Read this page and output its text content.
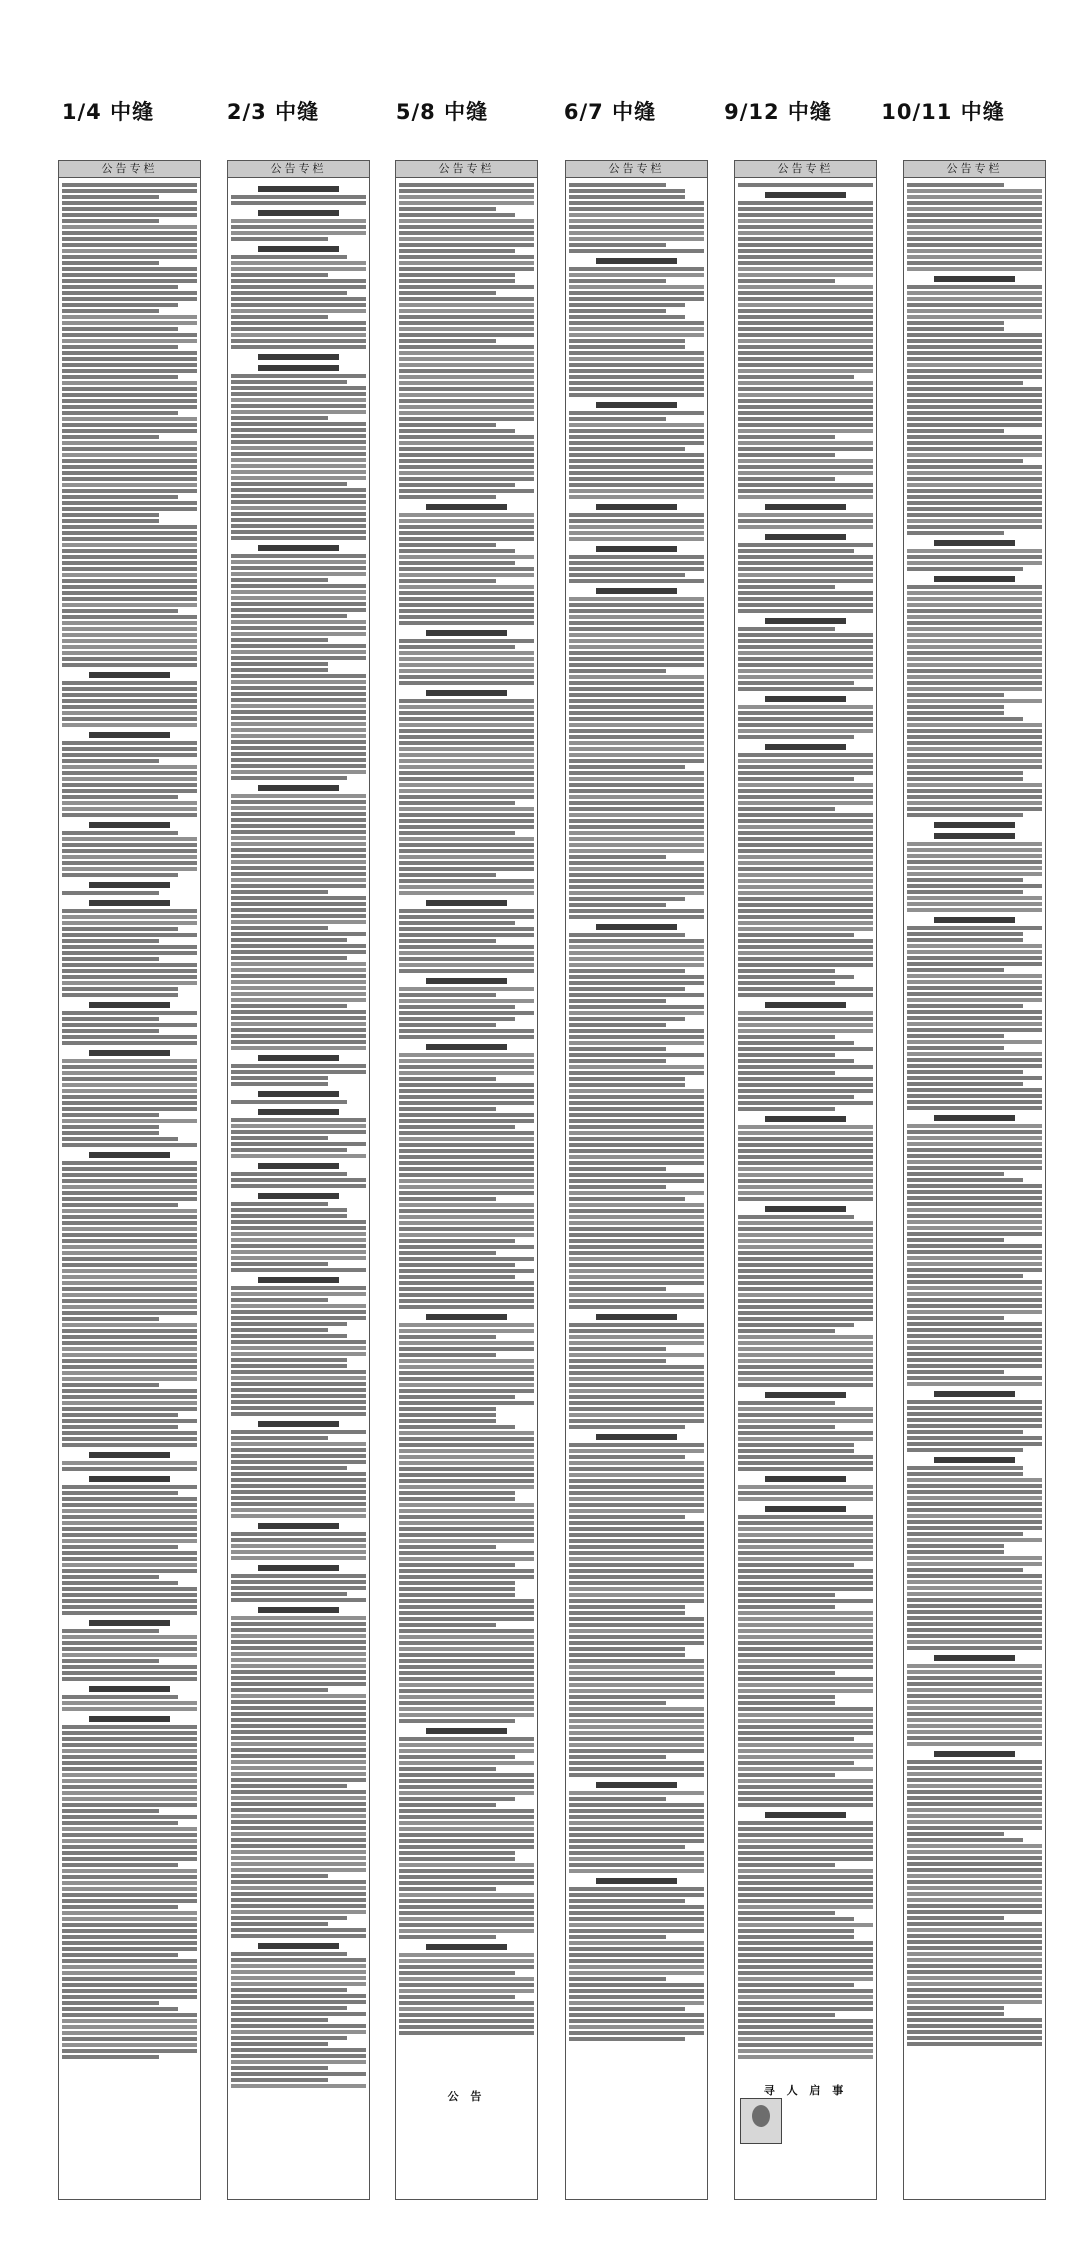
1/4 中缝	2/3 中缝	5/8 中缝	6/7 中缝	9/12 中缝	10/11 中缝
公告专栏	公告专栏	公告专栏	公告专栏	公告专栏	公告专栏
公 告	寻 人 启 事
